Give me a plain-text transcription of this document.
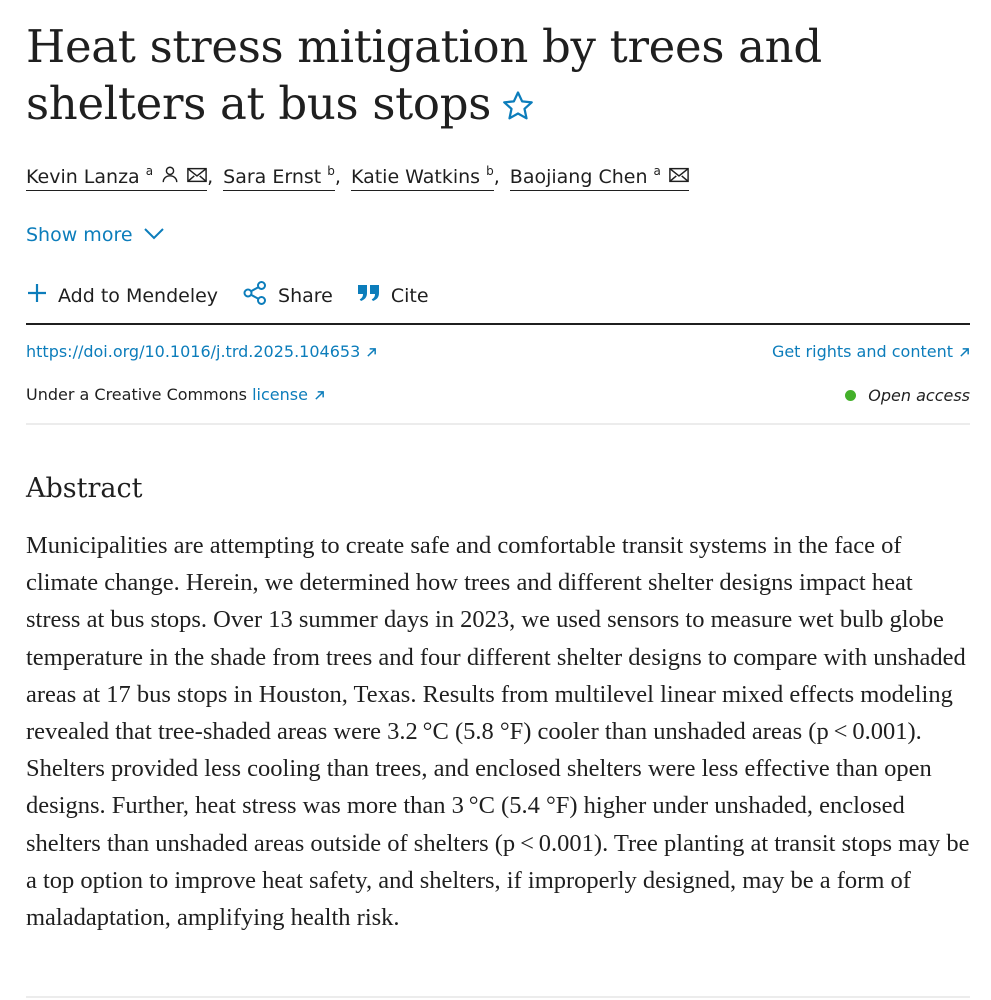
Heat stress mitigation by trees and shelters at bus stops
Kevin Lanza $^a$	, Sara Ernst $^b$ , Katie Watkins $^b$ , Baojiang Chen $^a$
Show more
Add to Mendeley	Share	Cite
https://doi.org/10.1016/j.trd.2025.104653	Get rights and content
Under a Creative Commons license	Open access
Abstract

Municipalities are attempting to create safe and comfortable transit systems in the face of climate change. Herein, we determined how trees and different shelter designs impact heat stress at bus stops. Over 13 summer days in 2023, we used sensors to measure wet bulb globe temperature in the shade from trees and four different shelter designs to compare with unshaded areas at 17 bus stops in Houston, Texas. Results from multilevel linear mixed effects modeling revealed that tree-shaded areas were 3.2 °C (5.8 °F) cooler than unshaded areas (p < 0.001). Shelters provided less cooling than trees, and enclosed shelters were less effective than open designs. Further, heat stress was more than 3 °C (5.4 °F) higher under unshaded, enclosed shelters than unshaded areas outside of shelters (p < 0.001). Tree planting at transit stops may be a top option to improve heat safety, and shelters, if improperly designed, may be a form of maladaptation, amplifying health risk.
